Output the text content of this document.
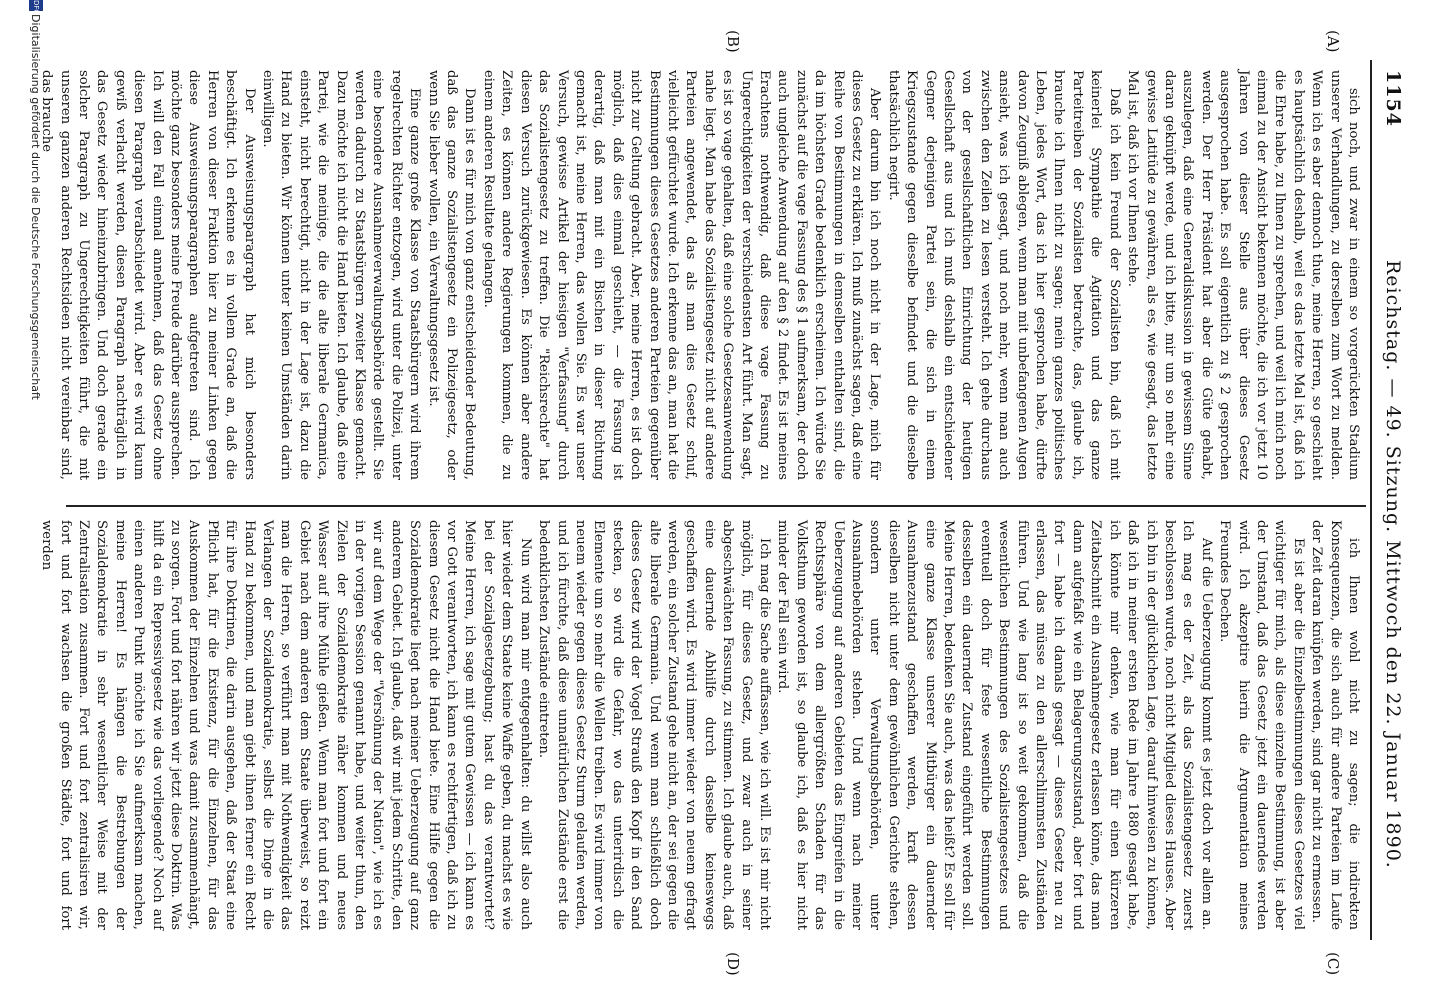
1154
Reichstag. — 49. Sitzung. Mittwoch den 22. Januar 1890.
(A)
(B)
(C)
(D)

sich noch, und zwar in einem so vorgerückten Stadium unserer Verhandlungen, zu derselben zum Wort zu melden. Wenn ich es aber dennoch thue, meine Herren, so geschieht es hauptsächlich deshalb, weil es das letzte Mal ist, daß ich die Ehre habe, zu Ihnen zu sprechen, und weil ich mich noch einmal zu der Ansicht bekennen möchte, die ich vor jetzt 10 Jahren von dieser Stelle aus über dieses Gesetz ausgesprochen habe. Es soll eigentlich zu § 2 gesprochen werden. Der Herr Präsident hat aber die Güte gehabt, auszulegen, daß eine Generaldiskussion in gewissem Sinne daran geknüpft werde, und ich bitte, mir um so mehr eine gewisse Latitüde zu gewähren, als es, wie gesagt, das letzte Mal ist, daß ich vor Ihnen stehe.

Daß ich kein Freund der Sozialisten bin, daß ich mit keinerlei Sympathie die Agitation und das ganze Parteitreiben der Sozialisten betrachte, das, glaube ich, brauche ich Ihnen nicht zu sagen; mein ganzes politisches Leben, jedes Wort, das ich hier gesprochen habe, dürfte davon Zeugniß ablegen, wenn man mit unbefangenen Augen ansieht, was ich gesagt, und noch mehr, wenn man auch zwischen den Zeilen zu lesen versteht. Ich gehe durchaus von der gesellschaftlichen Einrichtung der heutigen Gesellschaft aus und ich muß deshalb ein entschiedener Gegner derjenigen Partei sein, die sich in einem Kriegszustande gegen dieselbe befindet und die dieselbe thatsächlich negirt.

Aber darum bin ich noch nicht in der Lage, mich für dieses Gesetz zu erklären. Ich muß zunächst sagen, daß eine Reihe von Bestimmungen in demselben enthalten sind, die da im höchsten Grade bedenklich erscheinen. Ich würde Sie zunächst auf die vage Fassung des § 1 aufmerksam, der doch auch ungleiche Anwendung auf den § 2 findet. Es ist meines Erachtens nothwendig, daß diese vage Fassung zu Ungerechtigkeiten der verschiedensten Art führt. Man sagt, es ist so vage gehalten, daß eine solche Gesetzesanwendung nahe liegt. Man habe das Sozialistengesetz nicht auf andere Parteien angewendet, das als man dies Gesetz schuf, vielleicht gefürchtet wurde. Ich erkenne das an, man hat die Bestimmungen dieses Gesetzes anderen Parteien gegenüber nicht zur Geltung gebracht. Aber, meine Herren, es ist doch möglich, daß dies einmal geschieht, — die Fassung ist derartig, daß man mit ein Bischen in dieser Richtung gemacht ist, meine Herren, das wollen Sie. Es war unser Versuch, gewisse Artikel der hiesigen "Verfassung" durch das Sozialistengesetz zu treffen. Die "Reichsrechte" hat diesen Versuch zurückgewiesen. Es können aber andere Zeiten, es können andere Regierungen kommen, die zu einem anderen Resultate gelangen.

Dann ist es für mich von ganz entscheidender Bedeutung, daß das ganze Sozialistengesetz ein Polizeigesetz, oder wenn Sie lieber wollen, ein Verwaltungsgesetz ist.

Eine ganze große Klasse von Staatsbürgern wird ihrem regelrechten Richter entzogen, wird unter die Polizei, unter eine besondere Ausnahmeverwaltungsbehörde gestellt. Sie werden dadurch zu Staatsbürgern zweiter Klasse gemacht. Dazu möchte ich nicht die Hand bieten. Ich glaube, daß eine Partei, wie die meinige, die die alte liberale Germanica, einsteht, nicht berechtigt, nicht in der Lage ist, dazu die Hand zu bieten. Wir können unter keinen Umständen darin einwilligen.

Der Ausweisungsparagraph hat mich besonders beschäftigt. Ich erkenne es in vollem Grade an, daß die Herren von dieser Fraktion hier zu meiner Linken gegen diese Ausweisungsparagraphen aufgetreten sind. Ich möchte ganz besonders meine Freude darüber aussprechen. Ich will den Fall einmal annehmen, daß das Gesetz ohne diesen Paragraph verabschiedet wird. Aber es wird kaum gewiß verlacht werden, diesen Paragraph nachträglich in das Gesetz wieder hineinzubringen. Und doch gerade ein solcher Paragraph zu Ungerechtigkeiten führt, die mit unseren ganzen anderen Rechtsideen nicht vereinbar sind, das brauche

ich Ihnen wohl nicht zu sagen; die indirekten Konsequenzen, die sich auch für andere Parteien im Laufe der Zeit daran knüpfen werden, sind gar nicht zu ermessen.

Es ist aber die Einzelbestimmungen dieses Gesetzes viel wichtiger für mich, als diese einzelne Bestimmung, ist aber der Umstand, daß das Gesetz jetzt ein dauerndes werden wird. Ich akzeptire hierin die Argumentation meines Freundes Dechen.

Auf die Ueberzeugung kommt es jetzt doch vor allem an. Ich mag es der Zeit, als das Sozialistengesetz zuerst beschlossen wurde, noch nicht Mitglied dieses Hauses. Aber ich bin in der glücklichen Lage, darauf hinweisen zu können, daß ich in meiner ersten Rede im Jahre 1880 gesagt habe, ich könnte mir denken, wie man für einen kürzeren Zeitabschnitt ein Ausnahmegesetz erlassen könne, das man dann aufgefaßt wie ein Belagerungszustand, aber fort und fort — habe ich damals gesagt — dieses Gesetz neu zu erlassen, das müsse zu den allerschlimmsten Zuständen führen. Und wie lang ist so weit gekommen, daß die wesentlichen Bestimmungen des Sozialistengesetzes und eventuell doch für feste wesentliche Bestimmungen desselben ein dauernder Zustand eingeführt werden soll. Meine Herren, bedenken Sie auch, was das heißt? Es soll für eine ganze Klasse unserer Mitbürger ein dauernder Ausnahmezustand geschaffen werden, kraft dessen dieselben nicht unter dem gewöhnlichen Gerichte stehen, sondern unter Verwaltungsbehörden, unter Ausnahmebehörden stehen. Und wenn nach meiner Ueberzeugung auf anderen Gebieten das Eingreifen in die Rechtssphäre von dem allergrößten Schaden für das Volksthum geworden ist, so glaube ich, daß es hier nicht minder der Fall sein wird.

Ich mag die Sache auffassen, wie ich will. Es ist mir nicht möglich, für dieses Gesetz, und zwar auch in seiner abgeschwächten Fassung, zu stimmen. Ich glaube auch, daß eine dauernde Abhilfe durch dasselbe keineswegs geschaffen wird. Es wird immer wieder von neuem gefragt werden, ein solcher Zustand gehe nicht an, der sei gegen die alte liberale Germania. Und wenn man schließlich doch dieses Gesetz wird der Vogel Strauß den Kopf in den Sand stecken, so wird die Gefahr, wo das unterirdisch die Elemente um so mehr die Wellen treiben. Es wird immer von neuem wieder gegen dieses Gesetz Sturm gelaufen werden, und ich fürchte, daß diese unnatürlichen Zustände erst die bedenklichsten Zustände eintreten.

Nun wird man mir entgegenhalten: du willst also auch hier wieder dem Staate keine Waffe geben, du machst es wie bei der Sozialgesetzgebung; hast du das verantwortet? Meine Herren, ich sage mit gutem Gewissen — ich kann es vor Gott verantworten, ich kann es rechtfertigen, daß ich zu diesem Gesetz nicht die Hand biete. Eine Hilfe gegen die Sozialdemokratie liegt nach meiner Ueberzeugung auf ganz anderem Gebiet. Ich glaube, daß wir mit jedem Schritte, den wir auf dem Wege der "Versöhnung der Nation", wie ich es in der vorigen Session genannt habe, und weiter thun, den Zielen der Sozialdemokratie näher kommen und neues Wasser auf ihre Mühle gießen. Wenn man fort und fort ein Gebiet nach dem anderen dem Staate überweist, so reizt man die Herren, so verführt man mit Nothwendigkeit das Verlangen der Sozialdemokratie, selbst die Dinge in die Hand zu bekommen, und man giebt ihnen ferner ein Recht für ihre Doktrinen, die darin ausgehen, daß der Staat eine Pflicht hat, für die Existenz, für die Einzelnen, für das Auskommen der Einzelnen und was damit zusammenhängt, zu sorgen. Fort und fort nähren wir jetzt diese Doktrin. Was hilft da ein Repressivgesetz wie das vorliegende? Noch auf einen anderen Punkt möchte ich Sie aufmerksam machen, meine Herren! Es hängen die Bestrebungen der Sozialdemokratie in sehr wesentlicher Weise mit der Zentralisation zusammen. Fort und fort zentralisiren wir, fort und fort wachsen die großen Städte, fort und fort werden

DFG
Digitalisierung gefördert durch die Deutsche Forschungsgemeinschaft
